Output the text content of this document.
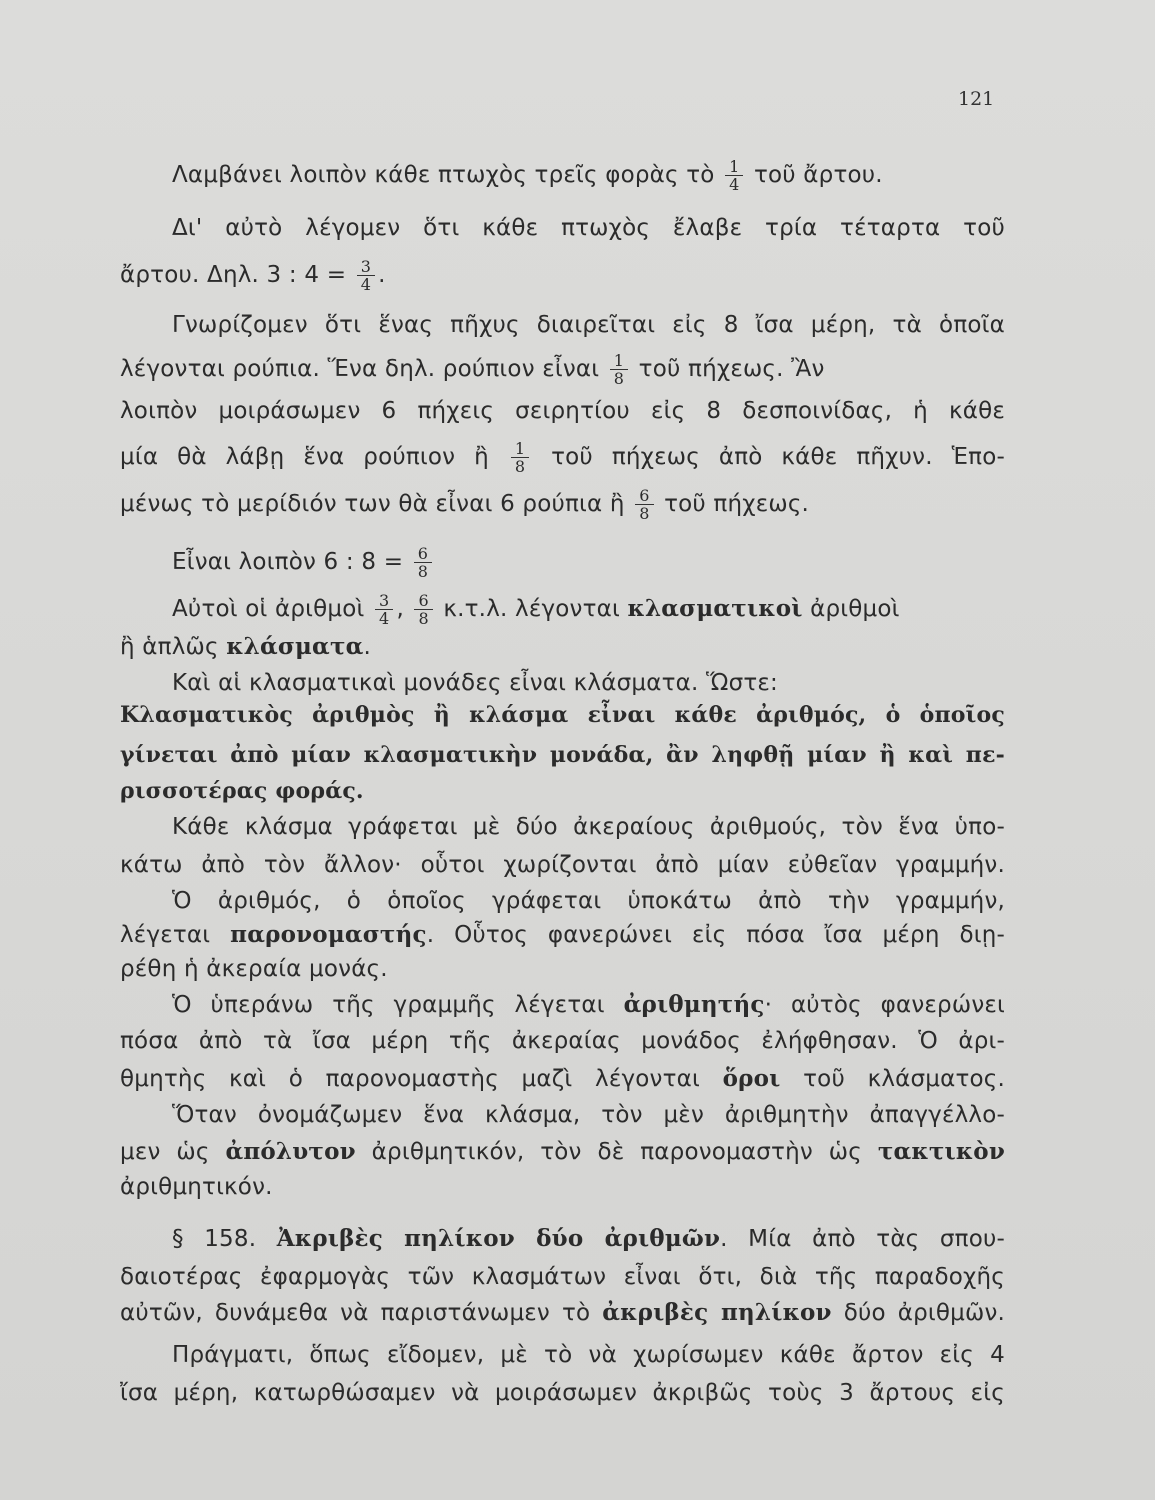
121
Λαμβάνει λοιπὸν κάθε πτωχὸς τρεῖς φορὰς τὸ $\frac{1}{4}$ τοῦ ἄρτου.
Δι' αὐτὸ λέγομεν ὅτι κάθε πτωχὸς ἔλαβε τρία τέταρτα τοῦ
ἄρτου. Δηλ. 3 : $4 = \frac{3}{4}$ .
Γνωρίζομεν ὅτι ἕνας πῆχυς διαιρεῖται εἰς 8 ἴσα μέρη, τὰ ὁποῖα
λέγονται ρούπια. Ἕνα δηλ. ρούπιον εἶναι $\frac{1}{8}$ τοῦ πήχεως. Ἂν
λοιπὸν μοιράσωμεν 6 πήχεις σειρητίου εἰς 8 δεσποινίδας, ἡ κάθε
μία θὰ λάβῃ ἕνα ρούπιον ἢ $\frac{1}{8}$ τοῦ πήχεως ἀπὸ κάθε πῆχυν. Ἑπο-
μένως τὸ μερίδιόν των θὰ εἶναι 6 ρούπια ἢ $\frac{6}{8}$ τοῦ πήχεως.
Εἶναι λοιπὸν 6 : $8 = \frac{6}{8}$
Αὐτοὶ οἱ ἀριθμοὶ $\frac{3}{4}$ , $\frac{6}{8} \kappa.\tau.\lambda$. λέγονται κλασματικοὶ ἀριθμοὶ
ἢ ἁπλῶς κλάσματα.
Καὶ αἱ κλασματικαὶ μονάδες εἶναι κλάσματα. Ὥστε:
Κλασματικὸς ἀριθμὸς ἢ κλάσμα εἶναι κάθε ἀριθμός, ὁ ὁποῖος
γίνεται ἀπὸ μίαν κλασματικὴν μονάδα, ἂν ληφθῇ μίαν ἢ καὶ πε-
ρισσοτέρας φοράς.
Κάθε κλάσμα γράφεται μὲ δύο ἀκεραίους ἀριθμούς, τὸν ἕνα ὑπο-
κάτω ἀπὸ τὸν ἄλλον· οὗτοι χωρίζονται ἀπὸ μίαν εὐθεῖαν γραμμήν.
Ὁ ἀριθμός, ὁ ὁποῖος γράφεται ὑποκάτω ἀπὸ τὴν γραμμήν,
λέγεται παρονομαστής. Οὗτος φανερώνει εἰς πόσα ἴσα μέρη διῃ-
ρέθη ἡ ἀκεραία μονάς.
Ὁ ὑπεράνω τῆς γραμμῆς λέγεται ἀριθμητής· αὐτὸς φανερώνει
πόσα ἀπὸ τὰ ἴσα μέρη τῆς ἀκεραίας μονάδος ἐλήφθησαν. Ὁ ἀρι-
θμητὴς καὶ ὁ παρονομαστὴς μαζὶ λέγονται ὅροι τοῦ κλάσματος.
Ὅταν ὀνομάζωμεν ἕνα κλάσμα, τὸν μὲν ἀριθμητὴν ἀπαγγέλλο-
μεν ὡς ἀπόλυτον ἀριθμητικόν, τὸν δὲ παρονομαστὴν ὡς τακτικὸν
ἀριθμητικόν.
§ 158. Ἀκριβὲς πηλίκον δύο ἀριθμῶν. Μία ἀπὸ τὰς σπου-
δαιοτέρας ἐφαρμογὰς τῶν κλασμάτων εἶναι ὅτι, διὰ τῆς παραδοχῆς
αὐτῶν, δυνάμεθα νὰ παριστάνωμεν τὸ ἀκριβὲς πηλίκον δύο ἀριθμῶν.
Πράγματι, ὅπως εἴδομεν, μὲ τὸ νὰ χωρίσωμεν κάθε ἄρτον εἰς 4
ἴσα μέρη, κατωρθώσαμεν νὰ μοιράσωμεν ἀκριβῶς τοὺς 3 ἄρτους εἰς
